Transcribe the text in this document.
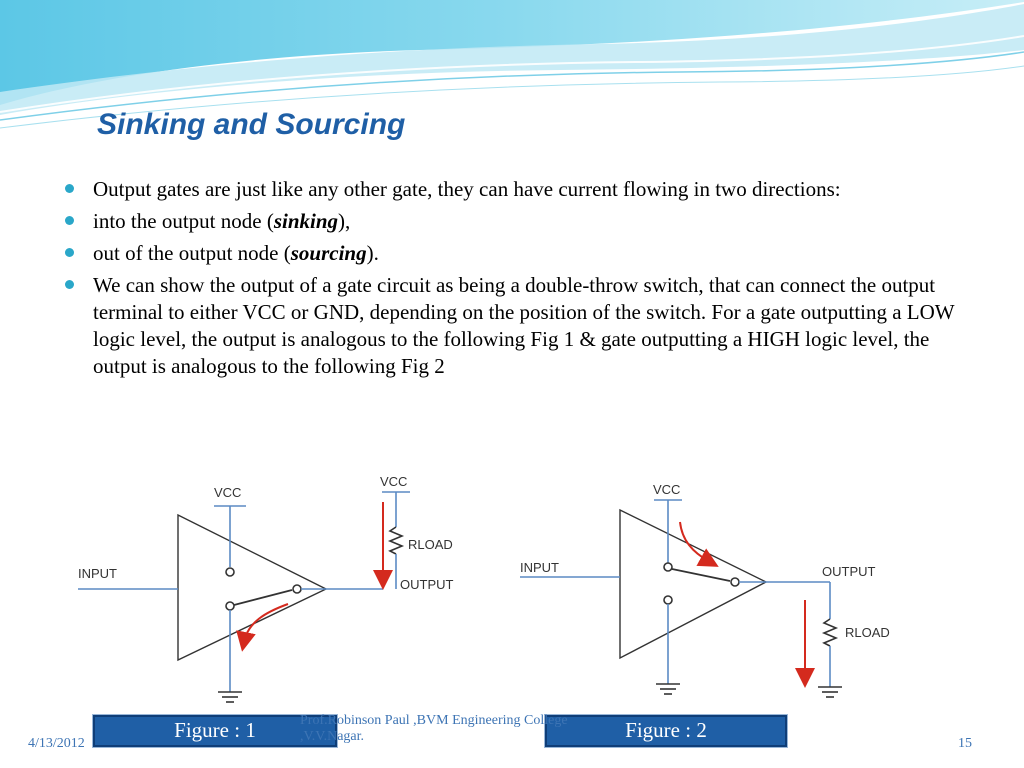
Sinking and Sourcing
Output gates are just like any other gate, they can have current flowing in two directions:
into the output node (sinking),
out of the output node (sourcing).
We can show the output of a gate circuit as being a double-throw switch, that can connect the output terminal to either VCC or GND, depending on the position of the switch. For a gate outputting a LOW logic level, the output is analogous to the following Fig 1 & gate outputting a HIGH logic level, the output is analogous to the following Fig 2
INPUT
VCC
OUTPUT
VCC
RLOAD
INPUT
VCC
OUTPUT
RLOAD
Figure : 1	Figure : 2
4/13/2012
Prof.Robinson Paul ,BVM Engineering College
,V.V.Nagar.	15
